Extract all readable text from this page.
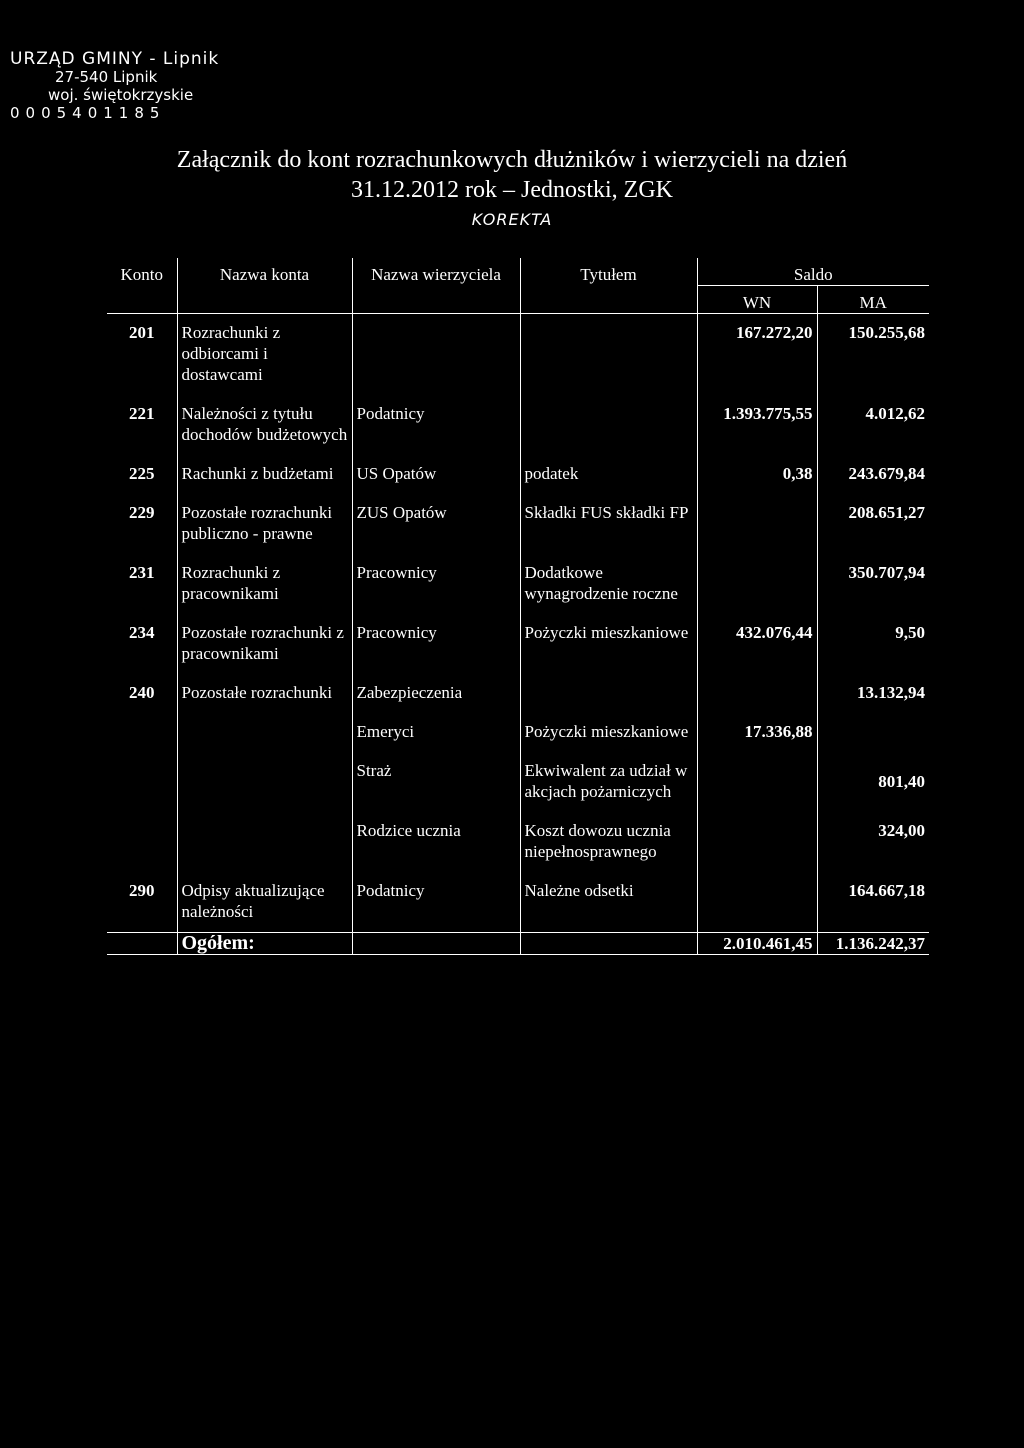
URZĄD GMINY - Lipnik
27-540 Lipnik
woj. świętokrzyskie
0005401185
Załącznik do kont rozrachunkowych dłużników i wierzycieli na dzień
31.12.2012 rok – Jednostki, ZGK
KOREKTA
Konto	Nazwa konta	Nazwa wierzyciela	Tytułem	Saldo	
				WN	MA
201	Rozrachunki z odbiorcami i dostawcami			167.272,20	150.255,68
221	Należności z tytułu dochodów budżetowych	Podatnicy		1.393.775,55	4.012,62
225	Rachunki z budżetami	US Opatów	podatek	0,38	243.679,84
229	Pozostałe rozrachunki publiczno - prawne	ZUS Opatów	Składki FUS składki FP		208.651,27
231	Rozrachunki z pracownikami	Pracownicy	Dodatkowe wynagrodzenie roczne		350.707,94
234	Pozostałe rozrachunki z pracownikami	Pracownicy	Pożyczki mieszkaniowe	432.076,44	9,50
240	Pozostałe rozrachunki	Zabezpieczenia			13.132,94
		Emeryci	Pożyczki mieszkaniowe	17.336,88	
		Straż	Ekwiwalent za udział w akcjach pożarniczych		801,40
		Rodzice ucznia	Koszt dowozu ucznia niepełnosprawnego		324,00
290	Odpisy aktualizujące należności	Podatnicy	Należne odsetki		164.667,18
	Ogółem:			2.010.461,45	1.136.242,37
